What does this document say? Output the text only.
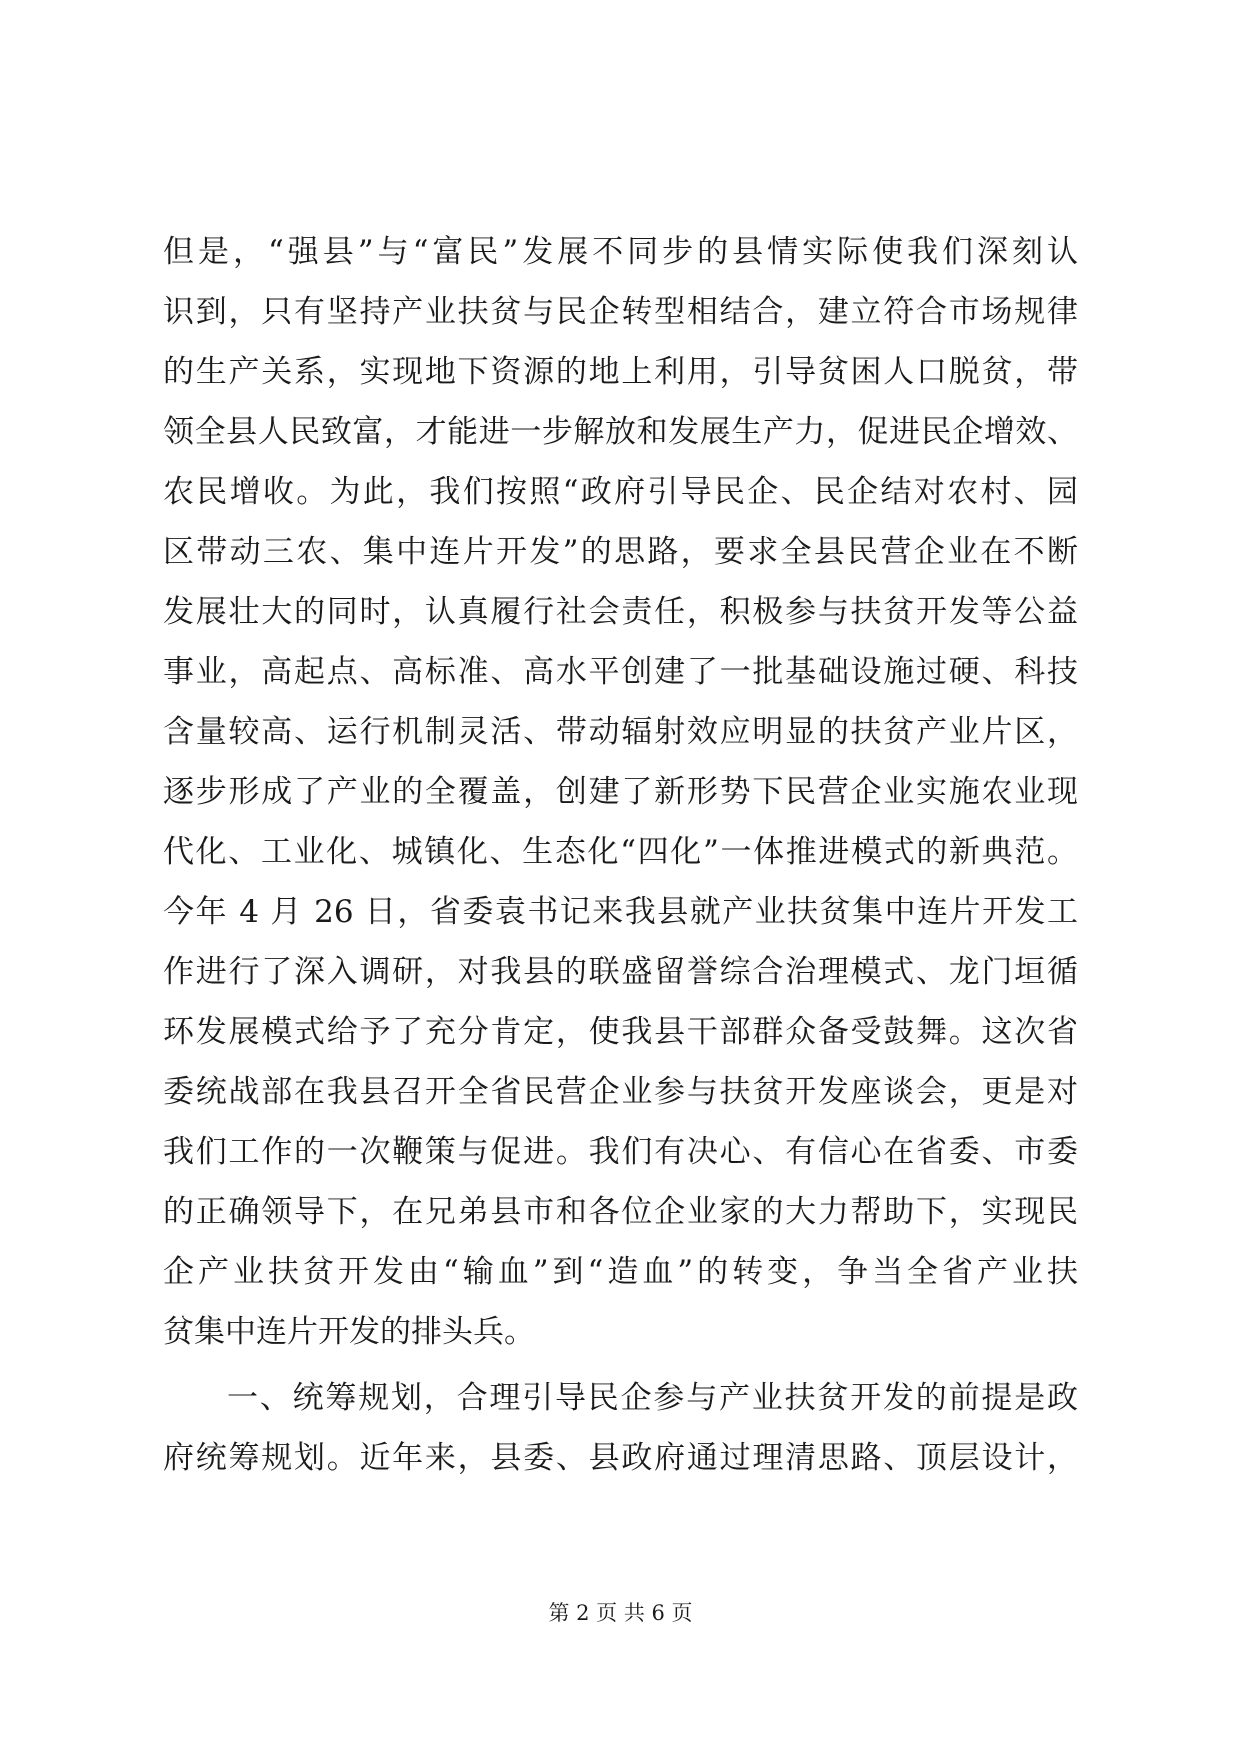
但是，“强县”与“富民”发展不同步的县情实际使我们深刻认
识到，只有坚持产业扶贫与民企转型相结合，建立符合市场规律
的生产关系，实现地下资源的地上利用，引导贫困人口脱贫，带
领全县人民致富，才能进一步解放和发展生产力，促进民企增效、
农民增收。为此，我们按照“政府引导民企、民企结对农村、园
区带动三农、集中连片开发”的思路，要求全县民营企业在不断
发展壮大的同时，认真履行社会责任，积极参与扶贫开发等公益
事业，高起点、高标准、高水平创建了一批基础设施过硬、科技
含量较高、运行机制灵活、带动辐射效应明显的扶贫产业片区，
逐步形成了产业的全覆盖，创建了新形势下民营企业实施农业现
代化、工业化、城镇化、生态化“四化”一体推进模式的新典范。
今年 4 月 26 日，省委袁书记来我县就产业扶贫集中连片开发工
作进行了深入调研，对我县的联盛留誉综合治理模式、龙门垣循
环发展模式给予了充分肯定，使我县干部群众备受鼓舞。这次省
委统战部在我县召开全省民营企业参与扶贫开发座谈会，更是对
我们工作的一次鞭策与促进。我们有决心、有信心在省委、市委
的正确领导下，在兄弟县市和各位企业家的大力帮助下，实现民
企产业扶贫开发由“输血”到“造血”的转变，争当全省产业扶
贫集中连片开发的排头兵。
一、统筹规划，合理引导民企参与产业扶贫开发的前提是政
府统筹规划。近年来，县委、县政府通过理清思路、顶层设计，
第 2 页 共 6 页
